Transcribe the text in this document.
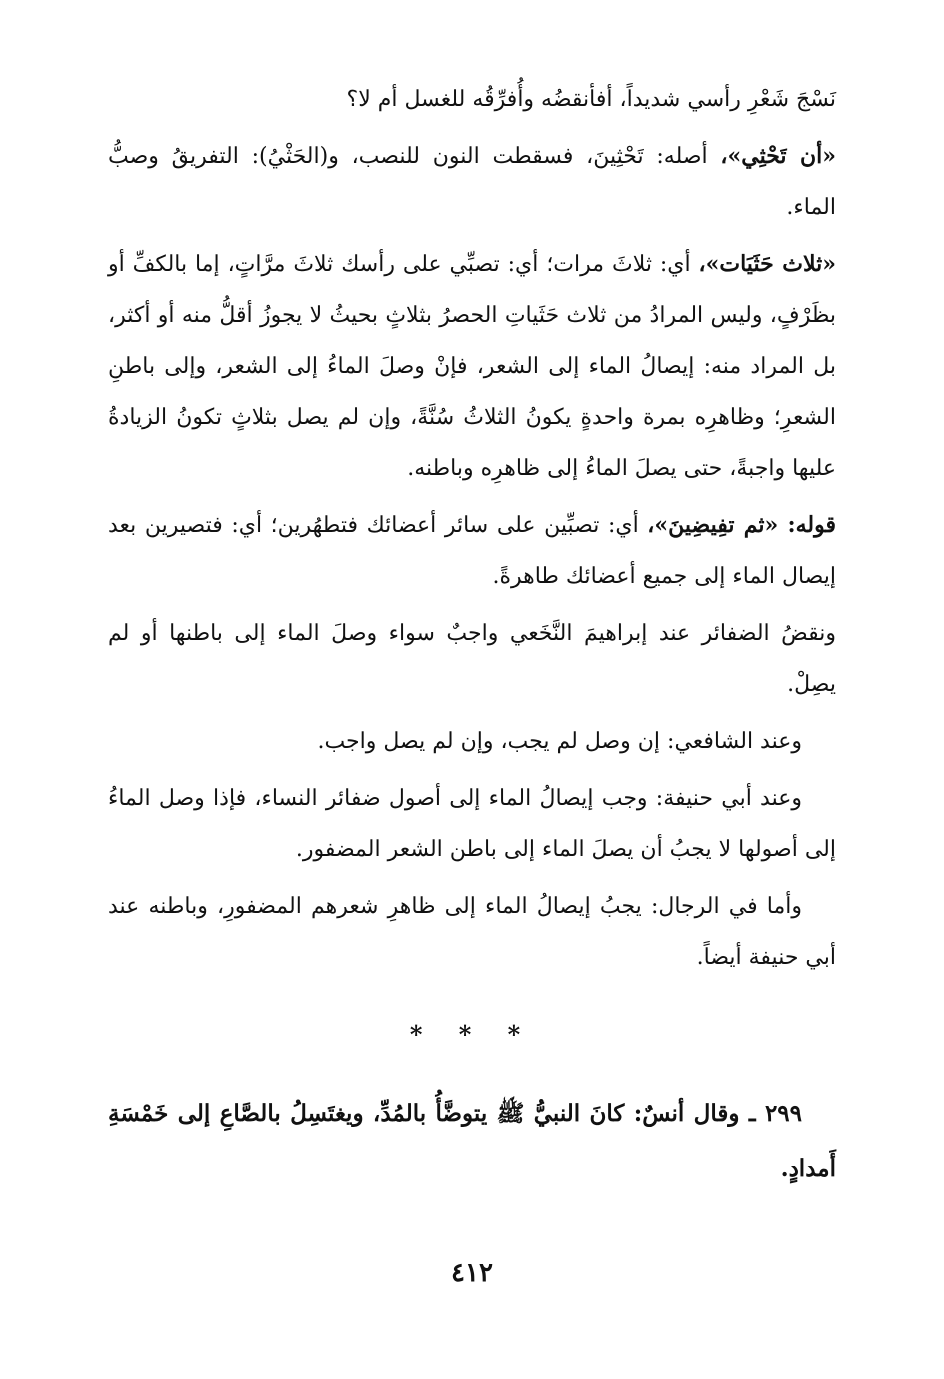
نَسْجَ شَعْرِ رأسي شديداً، أفأنقضُه وأُفرِّقُه للغسل أم لا؟

«أن تَحْثِي»، أصله: تَحْثِينَ، فسقطت النون للنصب، و(الحَثْيُ): التفريقُ وصبُّ الماء.

«ثلاث حَثَيَات»، أي: ثلاثَ مرات؛ أي: تصبِّي على رأسك ثلاثَ مرَّاتٍ، إما بالكفِّ أو بظَرْفٍ، وليس المرادُ من ثلاث حَثَياتِ الحصرُ بثلاثٍ بحيثُ لا يجوزُ أقلُّ منه أو أكثر، بل المراد منه: إيصالُ الماء إلى الشعر، فإنْ وصلَ الماءُ إلى الشعر، وإلى باطنِ الشعرِ؛ وظاهرِه بمرة واحدةٍ يكونُ الثلاثُ سُنَّةً، وإن لم يصل بثلاثٍ تكونُ الزيادةُ عليها واجبةً، حتى يصلَ الماءُ إلى ظاهرِه وباطنه.

قوله: «ثم تفِيضِينَ»، أي: تصبِّين على سائر أعضائك فتطهُرين؛ أي: فتصيرين بعد إيصال الماء إلى جميع أعضائك طاهرةً.

ونقضُ الضفائر عند إبراهيمَ النَّخَعي واجبٌ سواء وصلَ الماء إلى باطنها أو لم يصِلْ.

وعند الشافعي: إن وصل لم يجب، وإن لم يصل واجب.

وعند أبي حنيفة: وجب إيصالُ الماء إلى أصول ضفائر النساء، فإذا وصل الماءُ إلى أصولها لا يجبُ أن يصلَ الماء إلى باطن الشعر المضفور.

وأما في الرجال: يجبُ إيصالُ الماء إلى ظاهرِ شعرهم المضفورِ، وباطنه عند أبي حنيفة أيضاً.

* * *

٢٩٩ ـ وقال أنسٌ: كانَ النبيُّ ﷺ يتوضَّأُ بالمُدِّ، ويغتَسِلُ بالصَّاعِ إلى خَمْسَةِ أَمدادٍ.

٤١٢
